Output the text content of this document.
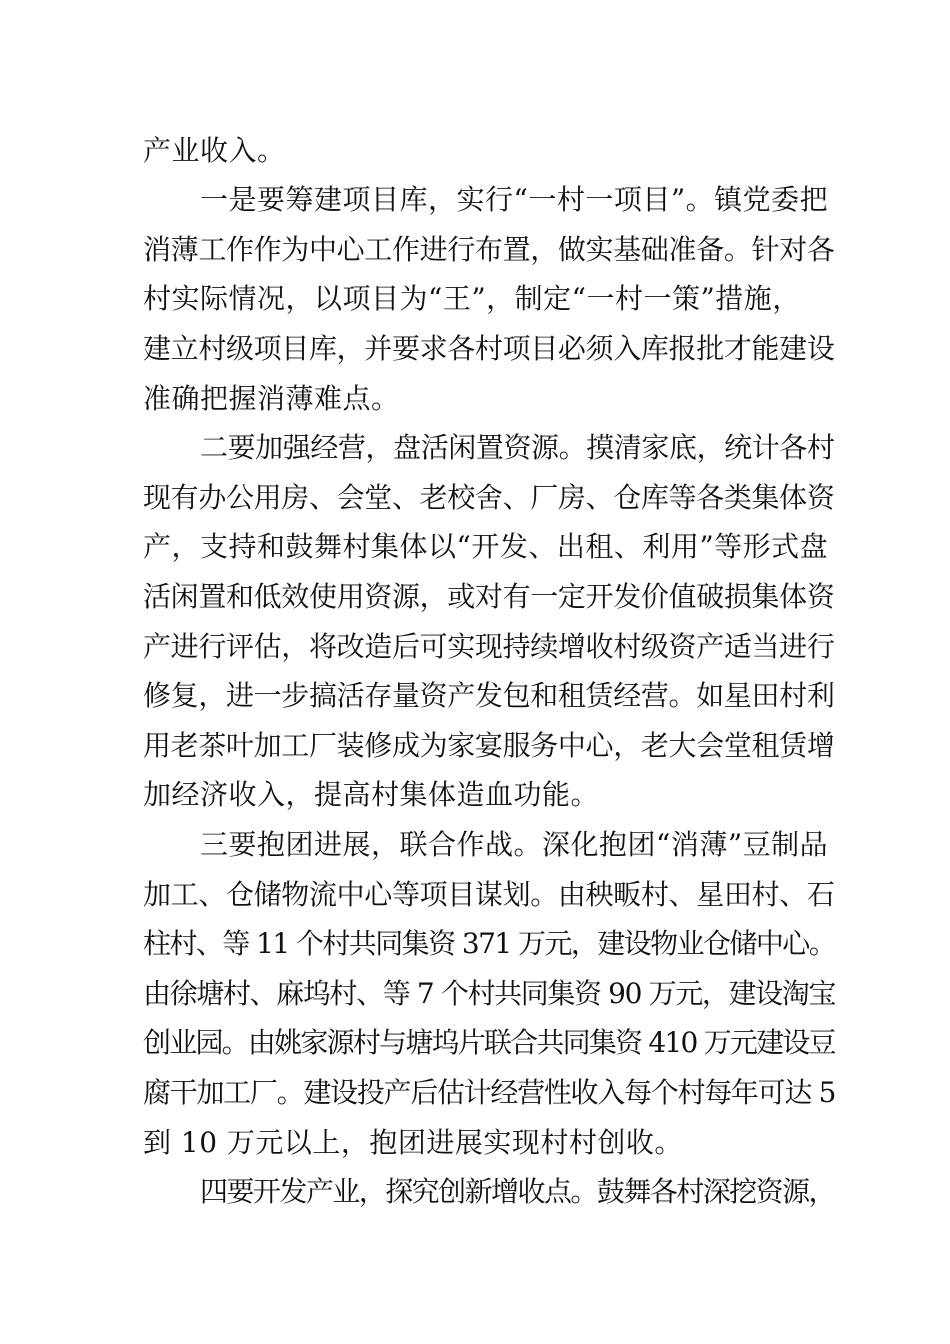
产业收入。
一是要筹建项目库，实行“一村一项目”。镇党委把
消薄工作作为中心工作进行布置，做实基础准备。针对各
村实际情况，以项目为“王”，制定“一村一策”措施，
建立村级项目库，并要求各村项目必须入库报批才能建设
准确把握消薄难点。
二要加强经营，盘活闲置资源。摸清家底，统计各村
现有办公用房、会堂、老校舍、厂房、仓库等各类集体资
产，支持和鼓舞村集体以“开发、出租、利用”等形式盘
活闲置和低效使用资源，或对有一定开发价值破损集体资
产进行评估，将改造后可实现持续增收村级资产适当进行
修复，进一步搞活存量资产发包和租赁经营。如星田村利
用老茶叶加工厂装修成为家宴服务中心，老大会堂租赁增
加经济收入，提高村集体造血功能。
三要抱团进展，联合作战。深化抱团“消薄”豆制品
加工、仓储物流中心等项目谋划。由秧畈村、星田村、石
柱村、等 11 个村共同集资 371 万元，建设物业仓储中心。
由徐塘村、麻坞村、等 7 个村共同集资 90 万元，建设淘宝
创业园。由姚家源村与塘坞片联合共同集资 410 万元建设豆
腐干加工厂。建设投产后估计经营性收入每个村每年可达 5
到 10 万元以上，抱团进展实现村村创收。
四要开发产业，探究创新增收点。鼓舞各村深挖资源，
